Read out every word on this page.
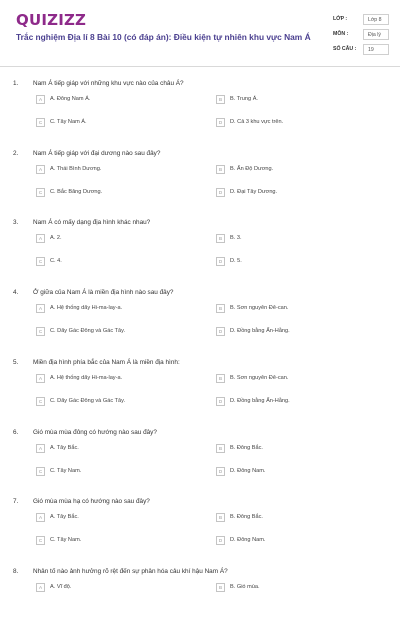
QUIZIZZ
Trắc nghiệm Địa lí 8 Bài 10 (có đáp án): Điều kiện tự nhiên khu vực Nam Á
LỚP :	Lớp 8
MÔN :	Địa lý
SỐ CÂU :	19
1. Nam Á tiếp giáp với những khu vực nào của châu Á?
A	A. Đông Nam Á.	B	B. Trung Á.
C	C. Tây Nam Á.	D	D. Cả 3 khu vực trên.
2. Nam Á tiếp giáp với đại dương nào sau đây?
A	A. Thái Bình Dương.	B	B. Ấn Độ Dương.
C	C. Bắc Băng Dương.	D	D. Đại Tây Dương.
3. Nam Á có mấy dạng địa hình khác nhau?
A	A. 2.	B	B. 3.
C	C. 4.	D	D. 5.
4. Ở giữa của Nam Á là miền địa hình nào sau đây?
A	A. Hệ thống dãy Hi-ma-lay-a.	B	B. Sơn nguyên Đê-can.
C	C. Dãy Gác Đông và Gác Tây.	D	D. Đồng bằng Ấn-Hằng.
5. Miền địa hình phía bắc của Nam Á là miền địa hình:
A	A. Hệ thống dãy Hi-ma-lay-a.	B	B. Sơn nguyên Đê-can.
C	C. Dãy Gác Đông và Gác Tây.	D	D. Đồng bằng Ấn-Hằng.
6. Gió mùa mùa đông có hướng nào sau đây?
A	A. Tây Bắc.	B	B. Đông Bắc.
C	C. Tây Nam.	D	D. Đông Nam.
7. Gió mùa mùa hạ có hướng nào sau đây?
A	A. Tây Bắc.	B	B. Đông Bắc.
C	C. Tây Nam.	D	D. Đông Nam.
8. Nhân tố nào ảnh hưởng rõ rệt đến sự phân hóa cảu khí hậu Nam Á?
A	A. Vĩ độ.	B	B. Gió mùa.
